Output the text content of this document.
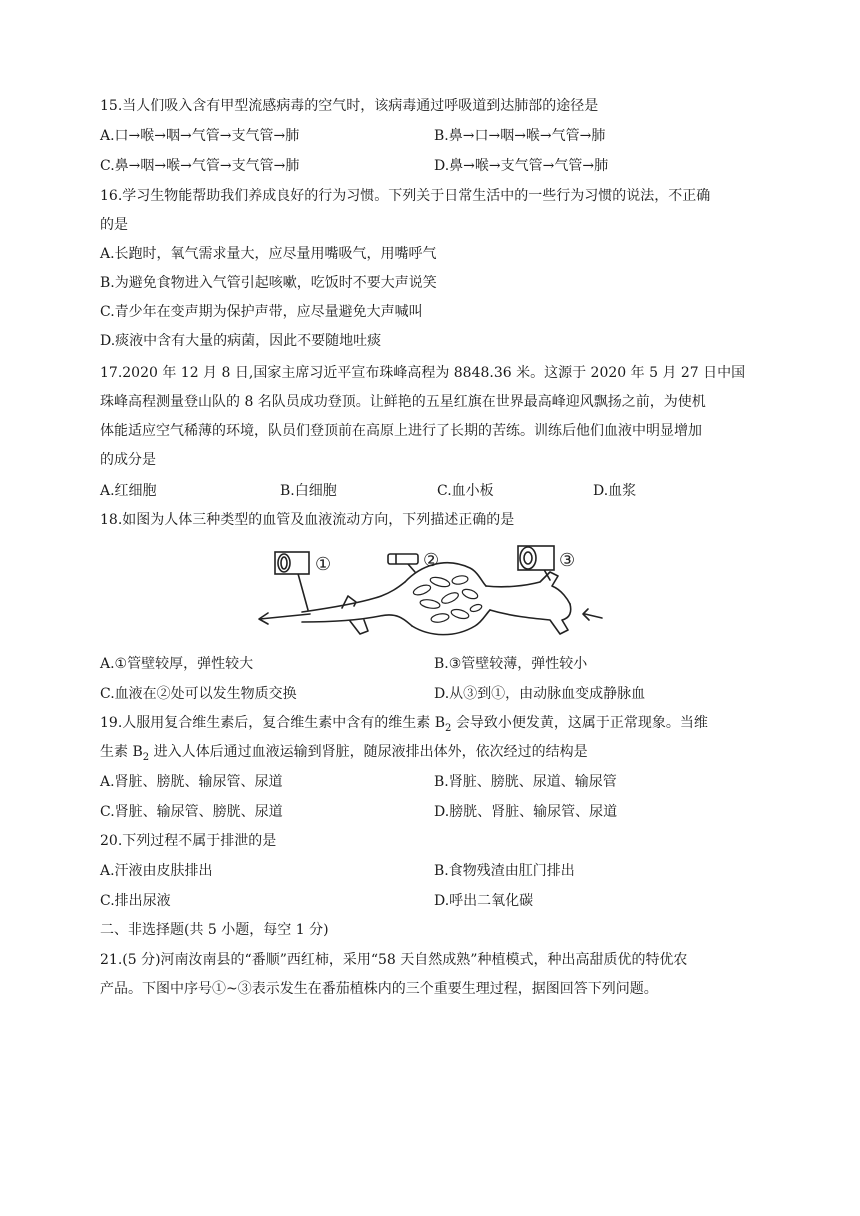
15.当人们吸入含有甲型流感病毒的空气时，该病毒通过呼吸道到达肺部的途径是
A.口→喉→咽→气管→支气管→肺	B.鼻→口→咽→喉→气管→肺
C.鼻→咽→喉→气管→支气管→肺	D.鼻→喉→支气管→气管→肺
16.学习生物能帮助我们养成良好的行为习惯。下列关于日常生活中的一些行为习惯的说法，不正确
的是
A.长跑时，氧气需求量大，应尽量用嘴吸气，用嘴呼气
B.为避免食物进入气管引起咳嗽，吃饭时不要大声说笑
C.青少年在变声期为保护声带，应尽量避免大声喊叫
D.痰液中含有大量的病菌，因此不要随地吐痰
17.2020 年 12 月 8 日,国家主席习近平宣布珠峰高程为 8848.36 米。这源于 2020 年 5 月 27 日中国
珠峰高程测量登山队的 8 名队员成功登顶。让鲜艳的五星红旗在世界最高峰迎风飘扬之前，为使机
体能适应空气稀薄的环境，队员们登顶前在高原上进行了长期的苦练。训练后他们血液中明显增加
的成分是
A.红细胞	B.白细胞	C.血小板	D.血浆
18.如图为人体三种类型的血管及血液流动方向，下列描述正确的是
①	②	③
A.①管壁较厚，弹性较大	B.③管壁较薄，弹性较小
C.血液在②处可以发生物质交换	D.从③到①，由动脉血变成静脉血
19.人服用复合维生素后，复合维生素中含有的维生素 $B_2$ 会导致小便发黄，这属于正常现象。当维
生素 $B_2$ 进入人体后通过血液运输到肾脏，随尿液排出体外，依次经过的结构是
A.肾脏、膀胱、输尿管、尿道	B.肾脏、膀胱、尿道、输尿管
C.肾脏、输尿管、膀胱、尿道	D.膀胱、肾脏、输尿管、尿道
20.下列过程不属于排泄的是
A.汗液由皮肤排出	B.食物残渣由肛门排出
C.排出尿液	D.呼出二氧化碳
二、非选择题(共 5 小题，每空 1 分)
21.(5 分)河南汝南县的“番顺”西红柿，采用“58 天自然成熟”种植模式，种出高甜质优的特优农
产品。下图中序号①~③表示发生在番茄植株内的三个重要生理过程，据图回答下列问题。
